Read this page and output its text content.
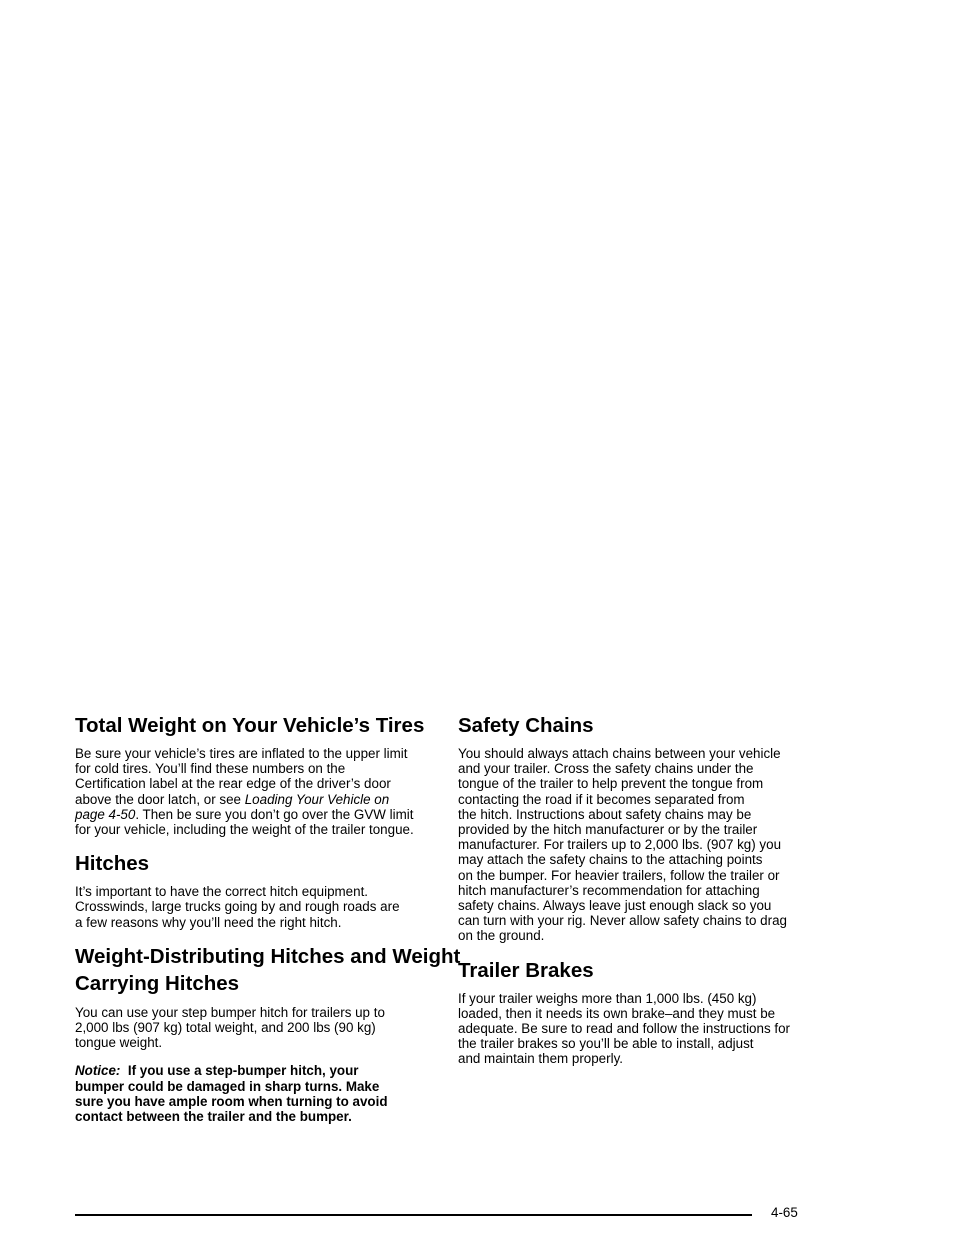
Total Weight on Your Vehicle’s Tires

Be sure your vehicle’s tires are inflated to the upper limit
for cold tires. You’ll find these numbers on the
Certification label at the rear edge of the driver’s door
above the door latch, or see Loading Your Vehicle on
page 4-50. Then be sure you don’t go over the GVW limit
for your vehicle, including the weight of the trailer tongue.

Hitches

It’s important to have the correct hitch equipment.
Crosswinds, large trucks going by and rough roads are
a few reasons why you’ll need the right hitch.

Weight-Distributing Hitches and Weight
Carrying Hitches

You can use your step bumper hitch for trailers up to
2,000 lbs (907 kg) total weight, and 200 lbs (90 kg)
tongue weight.

Notice: If you use a step-bumper hitch, your
bumper could be damaged in sharp turns. Make
sure you have ample room when turning to avoid
contact between the trailer and the bumper.

Safety Chains

You should always attach chains between your vehicle
and your trailer. Cross the safety chains under the
tongue of the trailer to help prevent the tongue from
contacting the road if it becomes separated from
the hitch. Instructions about safety chains may be
provided by the hitch manufacturer or by the trailer
manufacturer. For trailers up to 2,000 lbs. (907 kg) you
may attach the safety chains to the attaching points
on the bumper. For heavier trailers, follow the trailer or
hitch manufacturer’s recommendation for attaching
safety chains. Always leave just enough slack so you
can turn with your rig. Never allow safety chains to drag
on the ground.

Trailer Brakes

If your trailer weighs more than 1,000 lbs. (450 kg)
loaded, then it needs its own brake–and they must be
adequate. Be sure to read and follow the instructions for
the trailer brakes so you’ll be able to install, adjust
and maintain them properly.

4-65
